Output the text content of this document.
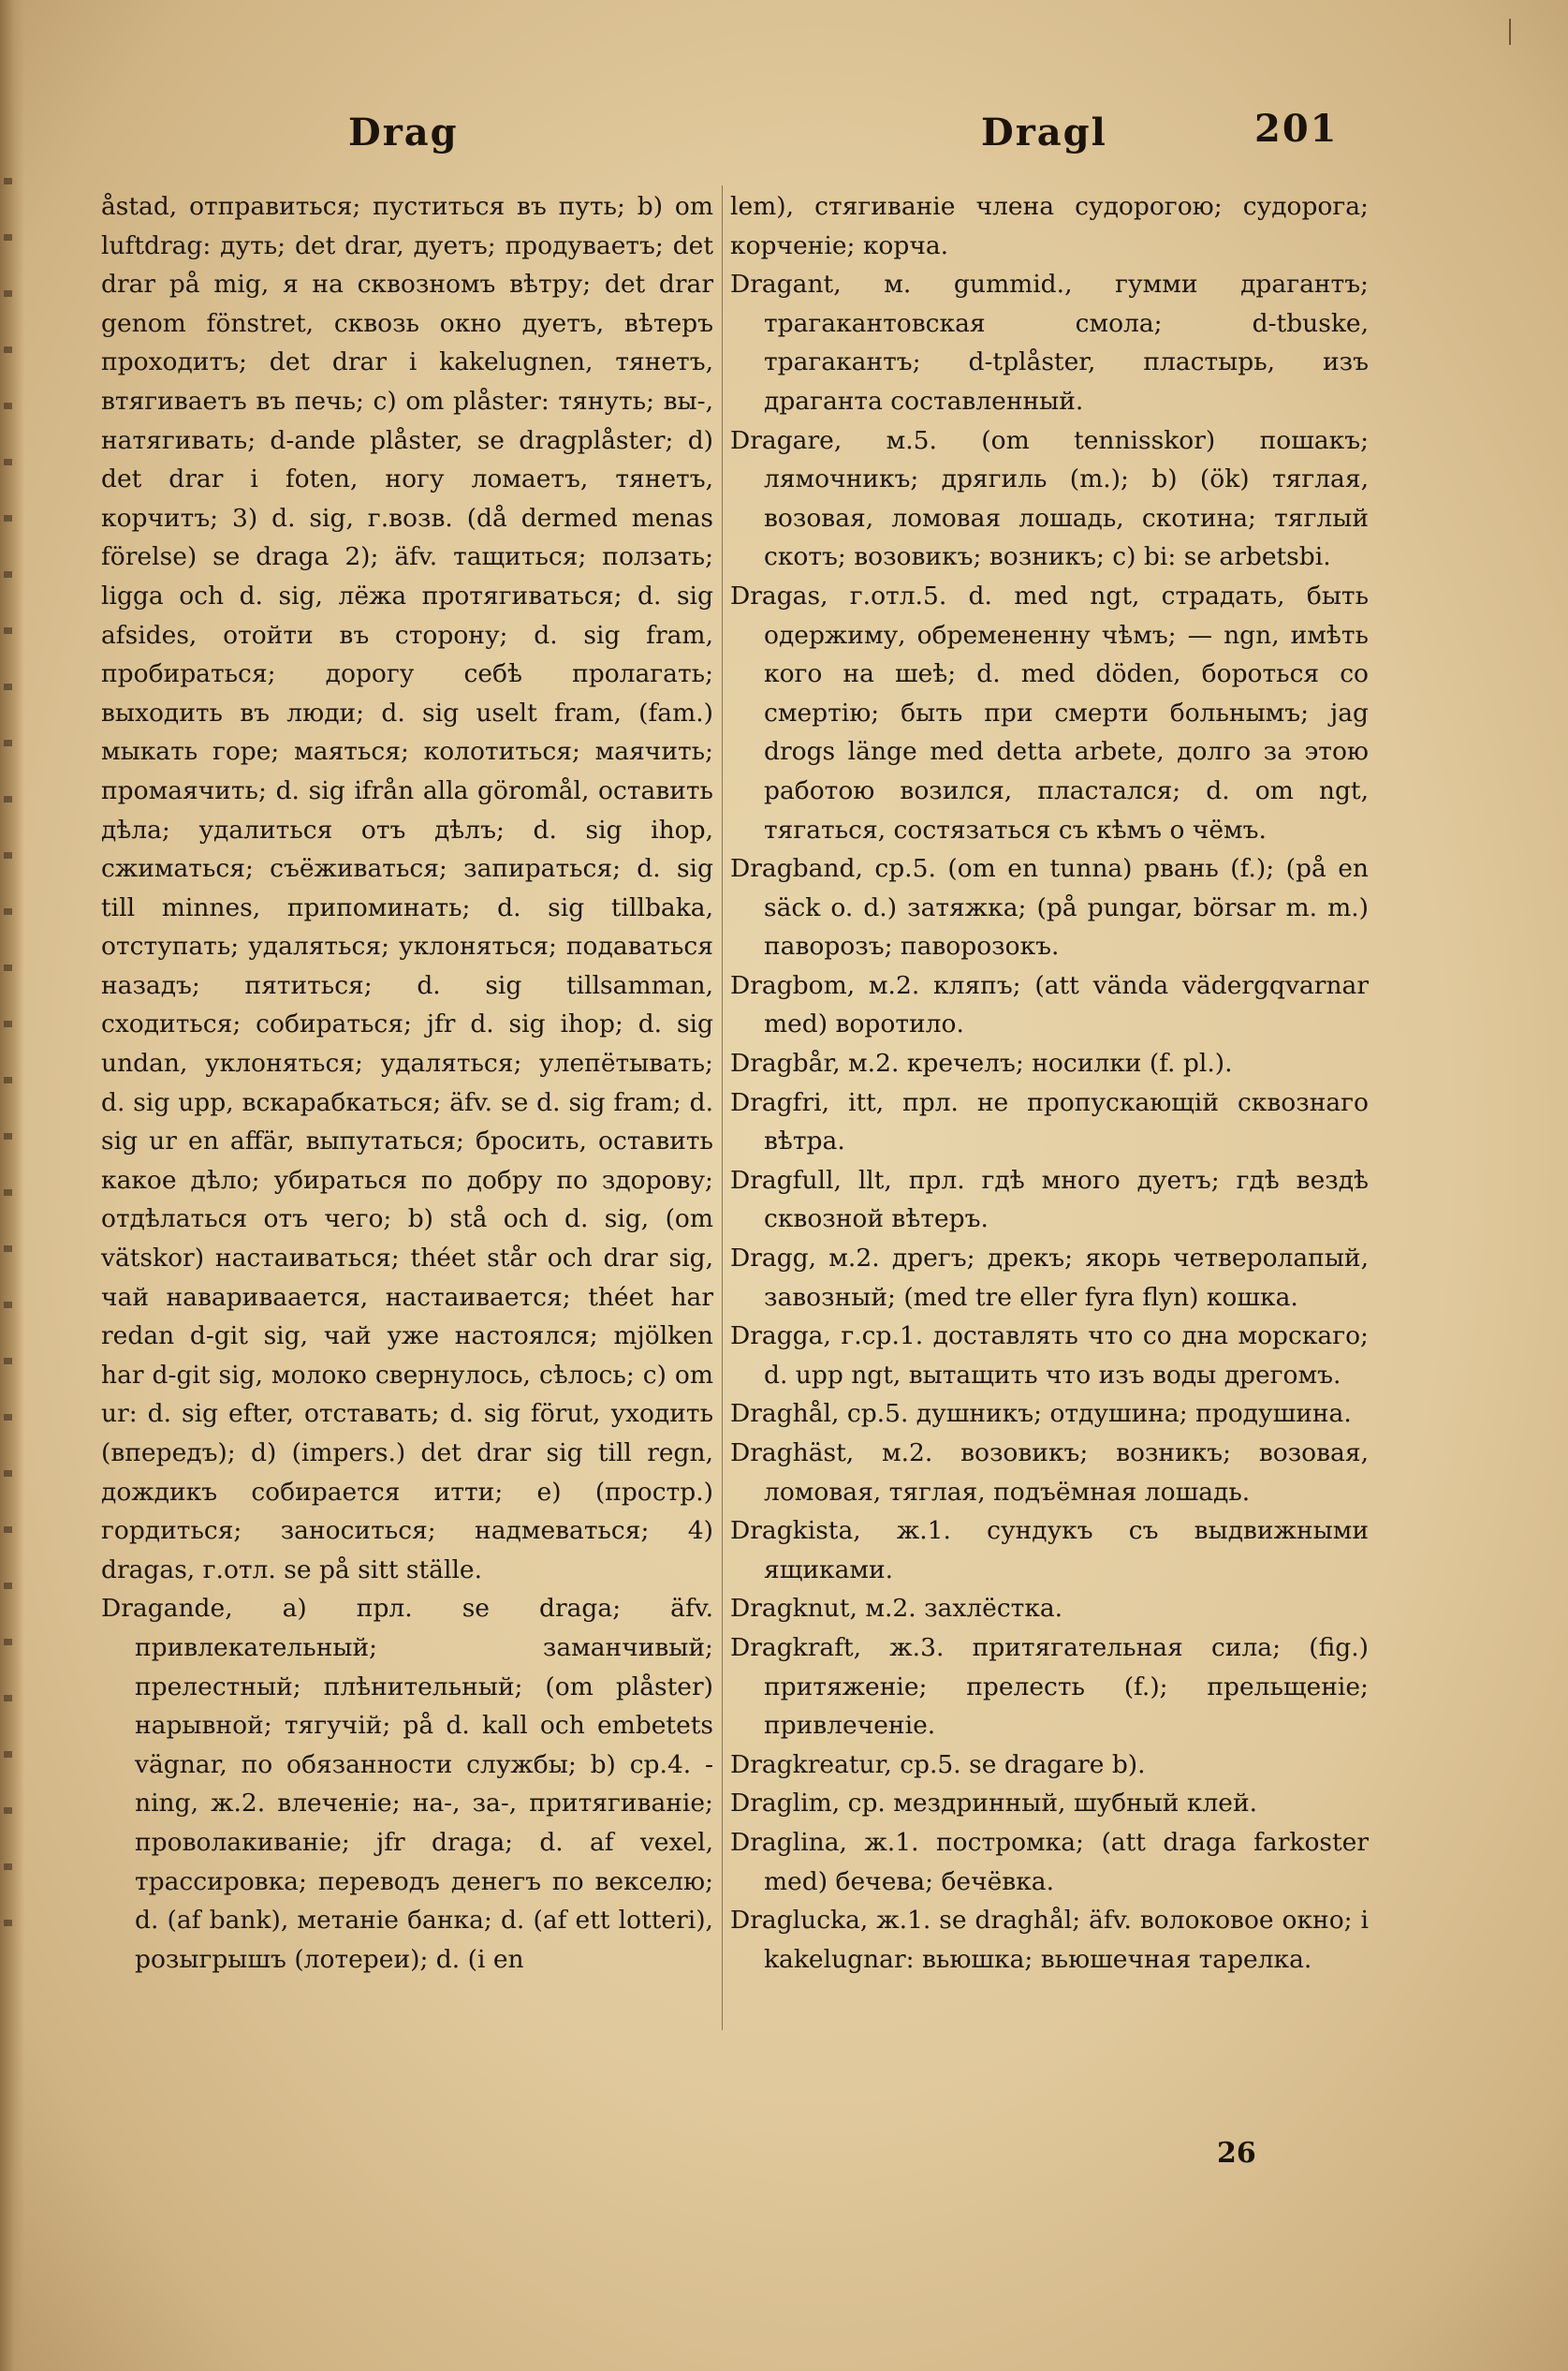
Drag	Dragl	201

åstad, отправиться; пуститься въ путь; b) om luftdrag: дуть; det drar, дуетъ; продуваетъ; det drar på mig, я на сквозномъ вѣтру; det drar genom fönstret, сквозь окно дуетъ, вѣтеръ проходитъ; det drar i kakelugnen, тянетъ, втягиваетъ въ печь; c) om plåster: тянуть; вы-, натягивать; d-ande plåster, se dragplåster; d) det drar i foten, ногу ломаетъ, тянетъ, корчитъ; 3) d. sig, г.возв. (då dermed menas förelse) se draga 2); äfv. тащиться; ползать; ligga och d. sig, лёжа протягиваться; d. sig afsides, отойти въ сторону; d. sig fram, пробираться; дорогу себѣ пролагать; выходить въ люди; d. sig uselt fram, (fam.) мыкать горе; маяться; колотиться; маячить; промаячить; d. sig ifrån alla göromål, оставить дѣла; удалиться отъ дѣлъ; d. sig ihop, сжиматься; съёживаться; запираться; d. sig till minnes, припоминать; d. sig tillbaka, отступать; удаляться; уклоняться; подаваться назадъ; пятиться; d. sig tillsamman, сходиться; собираться; jfr d. sig ihop; d. sig undan, уклоняться; удаляться; улепётывать; d. sig upp, вскарабкаться; äfv. se d. sig fram; d. sig ur en affär, выпутаться; бросить, оставить какое дѣло; убираться по добру по здорову; отдѣлаться отъ чего; b) stå och d. sig, (om vätskor) настаиваться; théet står och drar sig, чай навариваается, настаивается; théet har redan d-git sig, чай уже настоялся; mjölken har d-git sig, молоко свернулось, сѣлось; c) om ur: d. sig efter, отставать; d. sig förut, уходить (впередъ); d) (impers.) det drar sig till regn, дождикъ собирается итти; e) (простр.) гордиться; заноситься; надмеваться; 4) dragas, г.отл. se på sitt ställe.

Dragande, a) прл. se draga; äfv. привлекательный; заманчивый; прелестный; плѣнительный; (om plåster) нарывной; тягучій; på d. kall och embetets vägnar, по обязанности службы; b) ср.4. -ning, ж.2. влеченіе; на-, за-, притягиваніе; проволакиваніе; jfr draga; d. af vexel, трассировка; переводъ денегъ по векселю; d. (af bank), метаніе банка; d. (af ett lotteri), розыгрышъ (лотереи); d. (i en

lem), стягиваніе члена судорогою; судорога; корченіе; корча.

Dragant, м. gummid., гумми драгантъ; трагакантовская смола; d-tbuske, трагакантъ; d-tplåster, пластырь, изъ драганта составленный.

Dragare, м.5. (om tennisskor) пошакъ; лямочникъ; дрягиль (m.); b) (ök) тяглая, возовая, ломовая лошадь, скотина; тяглый скотъ; возовикъ; возникъ; c) bi: se arbetsbi.

Dragas, г.отл.5. d. med ngt, страдать, быть одержиму, обремененну чѣмъ; — ngn, имѣть кого на шеѣ; d. med döden, бороться со смертію; быть при смерти больнымъ; jag drogs länge med detta arbete, долго за этою работою возился, пластался; d. om ngt, тягаться, состязаться съ кѣмъ о чёмъ.

Dragband, ср.5. (om en tunna) рвань (f.); (på en säck o. d.) затяжка; (på pungar, börsar m. m.) паворозъ; паворозокъ.

Dragbom, м.2. кляпъ; (att vända vädergqvarnar med) воротило.

Dragbår, м.2. кречелъ; носилки (f. pl.).

Dragfri, itt, прл. не пропускающій сквознаго вѣтра.

Dragfull, llt, прл. гдѣ много дуетъ; гдѣ вездѣ сквозной вѣтеръ.

Dragg, м.2. дрегъ; дрекъ; якорь четверолапый, завозный; (med tre eller fyra flyn) кошка.

Dragga, г.ср.1. доставлять что со дна морскаго; d. upp ngt, вытащить что изъ воды дрегомъ.

Draghål, ср.5. душникъ; отдушина; продушина.

Draghäst, м.2. возовикъ; возникъ; возовая, ломовая, тяглая, подъёмная лошадь.

Dragkista, ж.1. сундукъ съ выдвижными ящиками.

Dragknut, м.2. захлёстка.

Dragkraft, ж.3. притягательная сила; (fig.) притяженіе; прелесть (f.); прельщеніе; привлеченіе.

Dragkreatur, ср.5. se dragare b).

Draglim, ср. мездринный, шубный клей.

Draglina, ж.1. постромка; (att draga farkoster med) бечева; бечёвка.

Draglucka, ж.1. se draghål; äfv. волоковое окно; i kakelugnar: вьюшка; вьюшечная тарелка.

26
